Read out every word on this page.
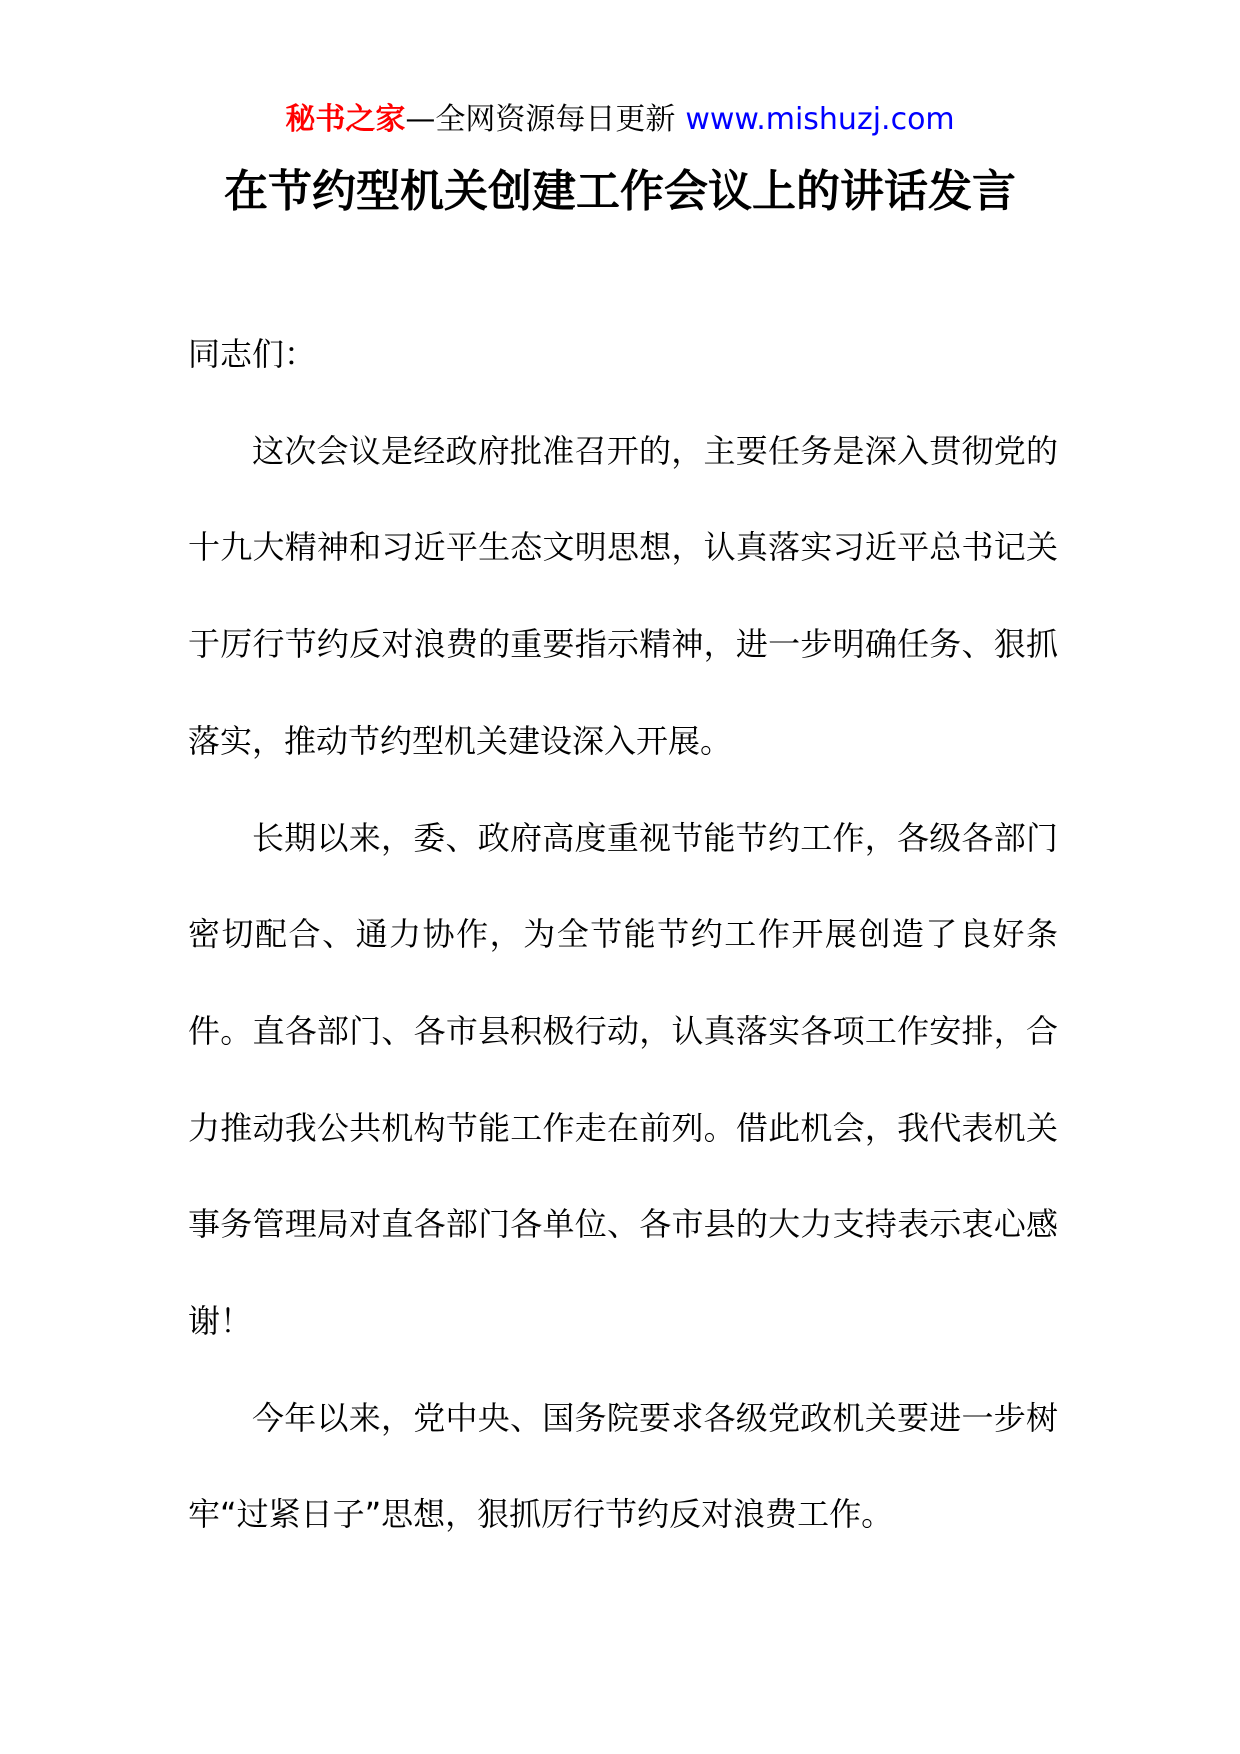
秘书之家—全网资源每日更新 www.mishuzj.com
在节约型机关创建工作会议上的讲话发言

同志们：

这次会议是经政府批准召开的，主要任务是深入贯彻党的十九大精神和习近平生态文明思想，认真落实习近平总书记关于厉行节约反对浪费的重要指示精神，进一步明确任务、狠抓落实，推动节约型机关建设深入开展。

长期以来，委、政府高度重视节能节约工作，各级各部门密切配合、通力协作，为全节能节约工作开展创造了良好条件。直各部门、各市县积极行动，认真落实各项工作安排，合力推动我公共机构节能工作走在前列。借此机会，我代表机关事务管理局对直各部门各单位、各市县的大力支持表示衷心感谢！

今年以来，党中央、国务院要求各级党政机关要进一步树牢“过紧日子”思想，狠抓厉行节约反对浪费工作。
